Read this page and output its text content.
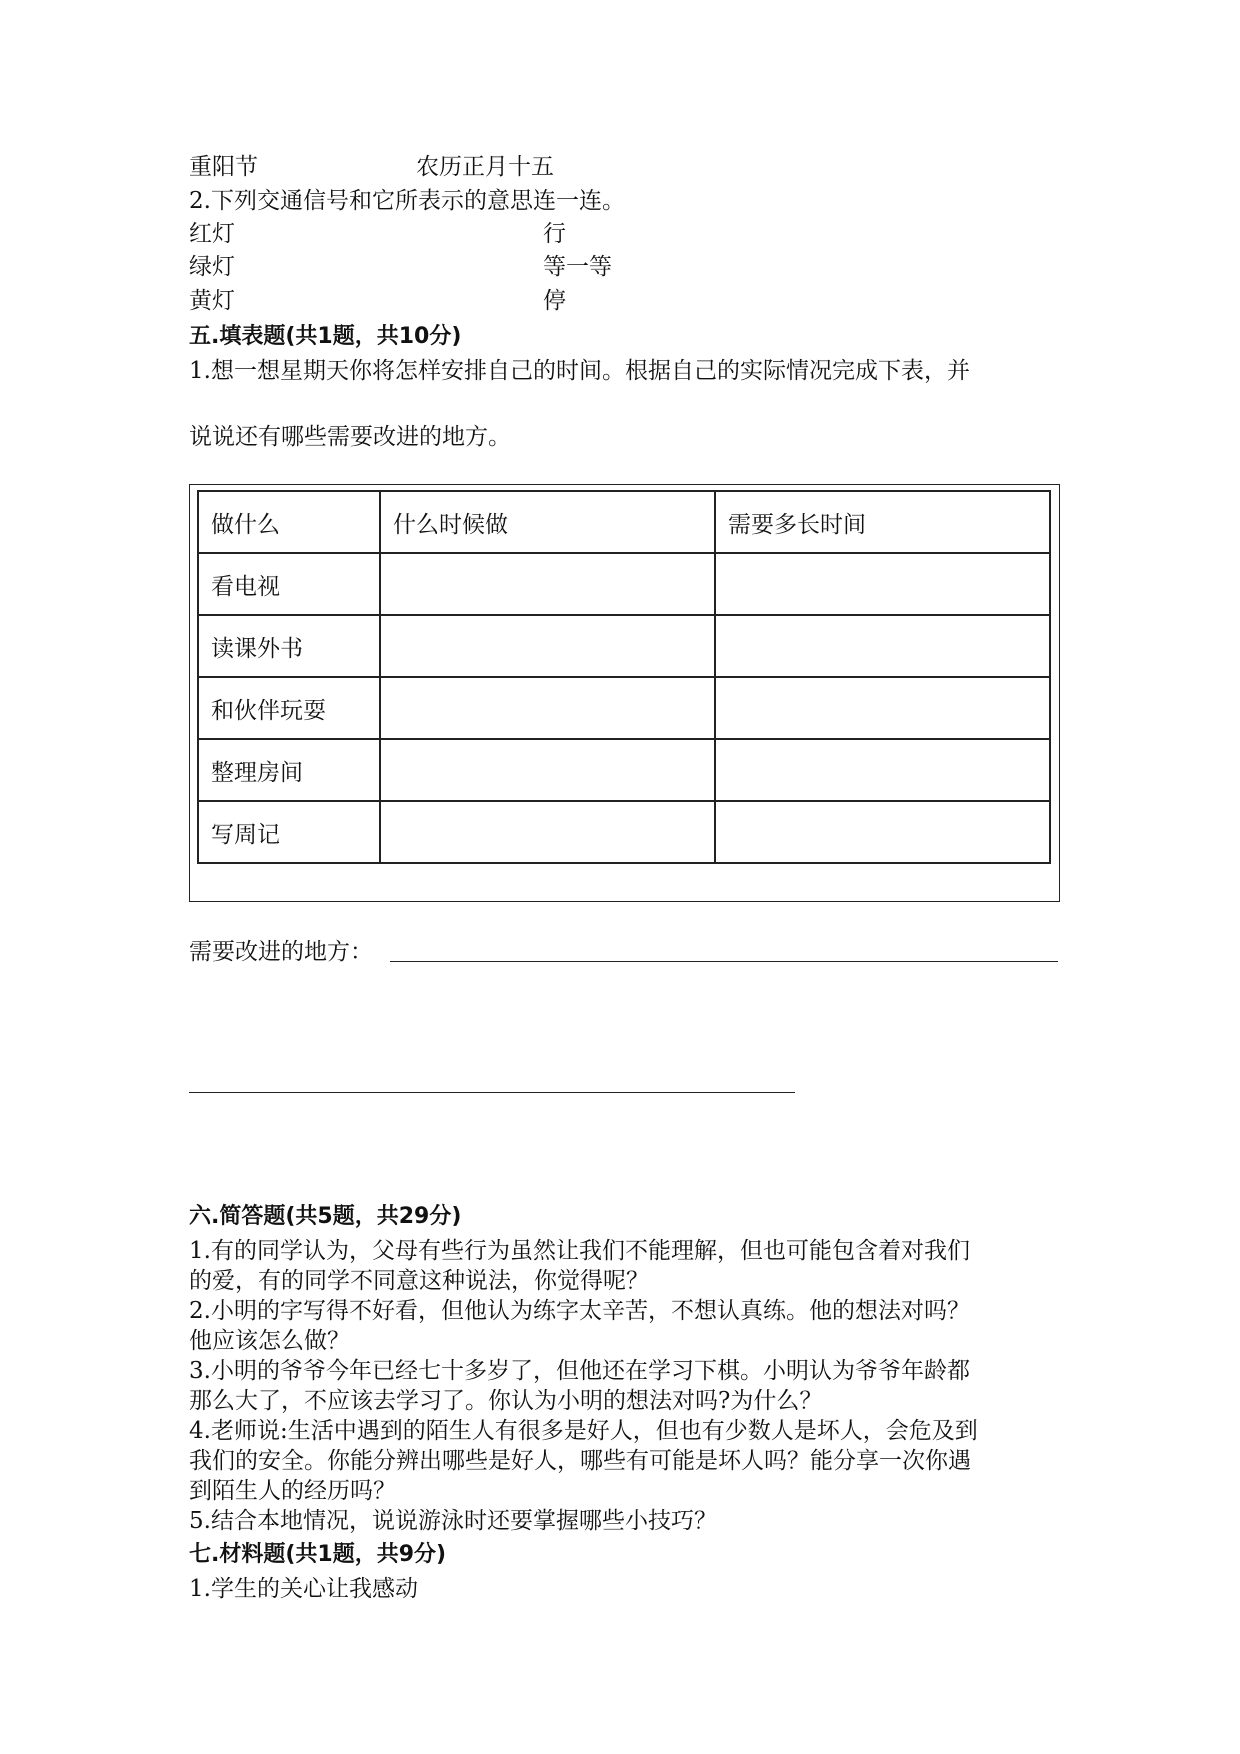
重阳节	农历正月十五
2.下列交通信号和它所表示的意思连一连。
红灯	行
绿灯	等一等
黄灯	停
五.填表题(共1题，共10分)
1.想一想星期天你将怎样安排自己的时间。根据自己的实际情况完成下表，并
说说还有哪些需要改进的地方。
做什么	什么时候做	需要多长时间
看电视		
读课外书		
和伙伴玩耍		
整理房间		
写周记		
需要改进的地方：
六.简答题(共5题，共29分)
1.有的同学认为，父母有些行为虽然让我们不能理解，但也可能包含着对我们
的爱，有的同学不同意这种说法，你觉得呢？
2.小明的字写得不好看，但他认为练字太辛苦，不想认真练。他的想法对吗？
他应该怎么做？
3.小明的爷爷今年已经七十多岁了，但他还在学习下棋。小明认为爷爷年龄都
那么大了，不应该去学习了。你认为小明的想法对吗?为什么？
4.老师说:生活中遇到的陌生人有很多是好人，但也有少数人是坏人，会危及到
我们的安全。你能分辨出哪些是好人，哪些有可能是坏人吗？能分享一次你遇
到陌生人的经历吗？
5.结合本地情况，说说游泳时还要掌握哪些小技巧？
七.材料题(共1题，共9分)
1.学生的关心让我感动
